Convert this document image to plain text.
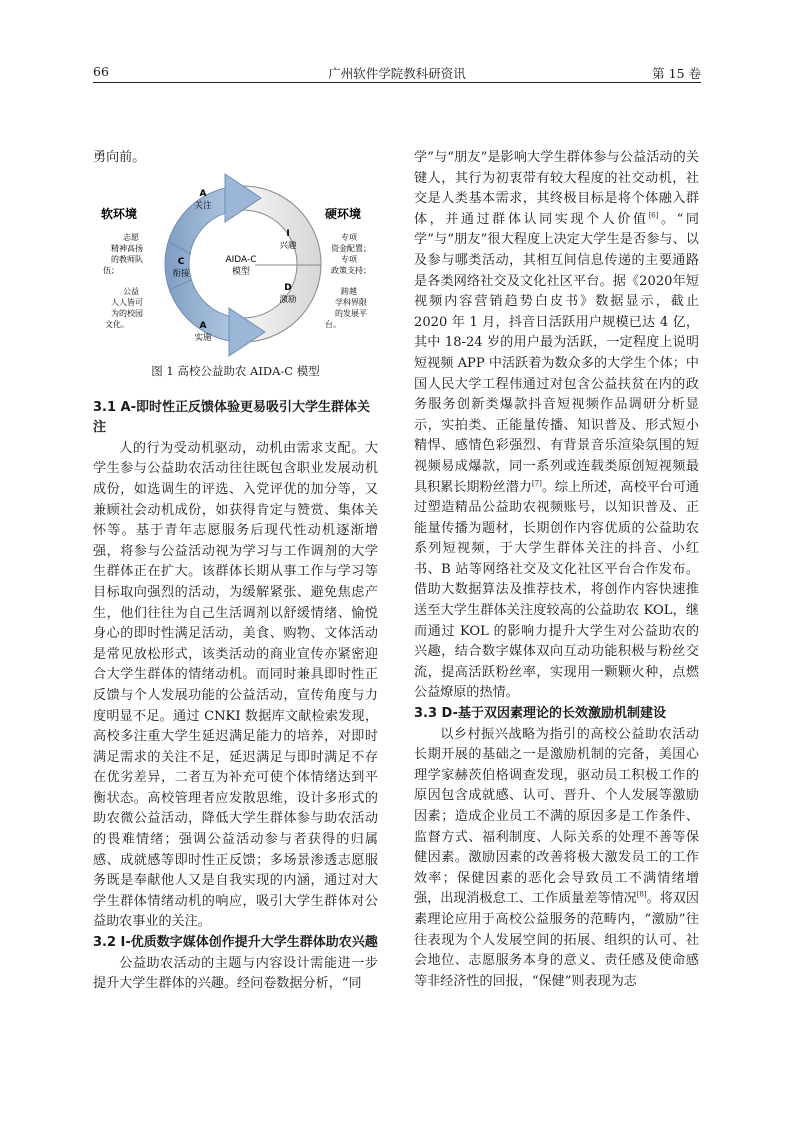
66	广州软件学院教科研资讯	第 15 卷

勇向前。

AIDA-C
模型
A
关注
C
衔接
A
实施
I
兴趣
D
激励
软环境
志愿
精神高扬
的教师队
伍；
公益
人人皆可
为的校园
文化。
硬环境
专项
资金配置；
专项
政策支持；
跨越
学科界限
的发展平
台。
图 1 高校公益助农 AIDA-C 模型
3.1 A-即时性正反馈体验更易吸引大学生群体关注

人的行为受动机驱动，动机由需求支配。大学生参与公益助农活动往往既包含职业发展动机成份，如选调生的评选、入党评优的加分等，又兼顾社会动机成份，如获得肯定与赞赏、集体关怀等。基于青年志愿服务后现代性动机逐渐增强，将参与公益活动视为学习与工作调剂的大学生群体正在扩大。该群体长期从事工作与学习等目标取向强烈的活动，为缓解紧张、避免焦虑产生，他们往往为自己生活调剂以舒缓情绪、愉悦身心的即时性满足活动，美食、购物、文体活动是常见放松形式，该类活动的商业宣传亦紧密迎合大学生群体的情绪动机。而同时兼具即时性正反馈与个人发展功能的公益活动，宣传角度与力度明显不足。通过 CNKI 数据库文献检索发现，高校多注重大学生延迟满足能力的培养，对即时满足需求的关注不足，延迟满足与即时满足不存在优劣差异，二者互为补充可使个体情绪达到平衡状态。高校管理者应发散思维，设计多形式的助农微公益活动，降低大学生群体参与助农活动的畏难情绪；强调公益活动参与者获得的归属感、成就感等即时性正反馈；多场景渗透志愿服务既是奉献他人又是自我实现的内涵，通过对大学生群体情绪动机的响应，吸引大学生群体对公益助农事业的关注。

3.2 I-优质数字媒体创作提升大学生群体助农兴趣

公益助农活动的主题与内容设计需能进一步提升大学生群体的兴趣。经问卷数据分析，“同

学”与“朋友”是影响大学生群体参与公益活动的关键人，其行为初衷带有较大程度的社交动机，社交是人类基本需求，其终极目标是将个体融入群体，并通过群体认同实现个人价值[6]。“同学”与“朋友”很大程度上决定大学生是否参与、以及参与哪类活动，其相互间信息传递的主要通路是各类网络社交及文化社区平台。据《2020年短视频内容营销趋势白皮书》数据显示，截止 2020 年 1 月，抖音日活跃用户规模已达 4 亿，其中 18-24 岁的用户最为活跃，一定程度上说明短视频 APP 中活跃着为数众多的大学生个体；中国人民大学工程伟通过对包含公益扶贫在内的政务服务创新类爆款抖音短视频作品调研分析显示，实拍类、正能量传播、知识普及、形式短小精悍、感情色彩强烈、有背景音乐渲染氛围的短视频易成爆款，同一系列或连载类原创短视频最具积累长期粉丝潜力[7]。综上所述，高校平台可通过塑造精品公益助农视频账号，以知识普及、正能量传播为题材，长期创作内容优质的公益助农系列短视频，于大学生群体关注的抖音、小红书、B 站等网络社交及文化社区平台合作发布。借助大数据算法及推荐技术，将创作内容快速推送至大学生群体关注度较高的公益助农 KOL，继而通过 KOL 的影响力提升大学生对公益助农的兴趣，结合数字媒体双向互动功能积极与粉丝交流，提高活跃粉丝率，实现用一颗颗火种，点燃公益燎原的热情。

3.3 D-基于双因素理论的长效激励机制建设

以乡村振兴战略为指引的高校公益助农活动长期开展的基础之一是激励机制的完备，美国心理学家赫茨伯格调查发现，驱动员工积极工作的原因包含成就感、认可、晋升、个人发展等激励因素；造成企业员工不满的原因多是工作条件、监督方式、福利制度、人际关系的处理不善等保健因素。激励因素的改善将极大激发员工的工作效率；保健因素的恶化会导致员工不满情绪增强，出现消极怠工、工作质量差等情况[8]。将双因素理论应用于高校公益服务的范畴内，“激励”往往表现为个人发展空间的拓展、组织的认可、社会地位、志愿服务本身的意义、责任感及使命感等非经济性的回报，“保健”则表现为志
